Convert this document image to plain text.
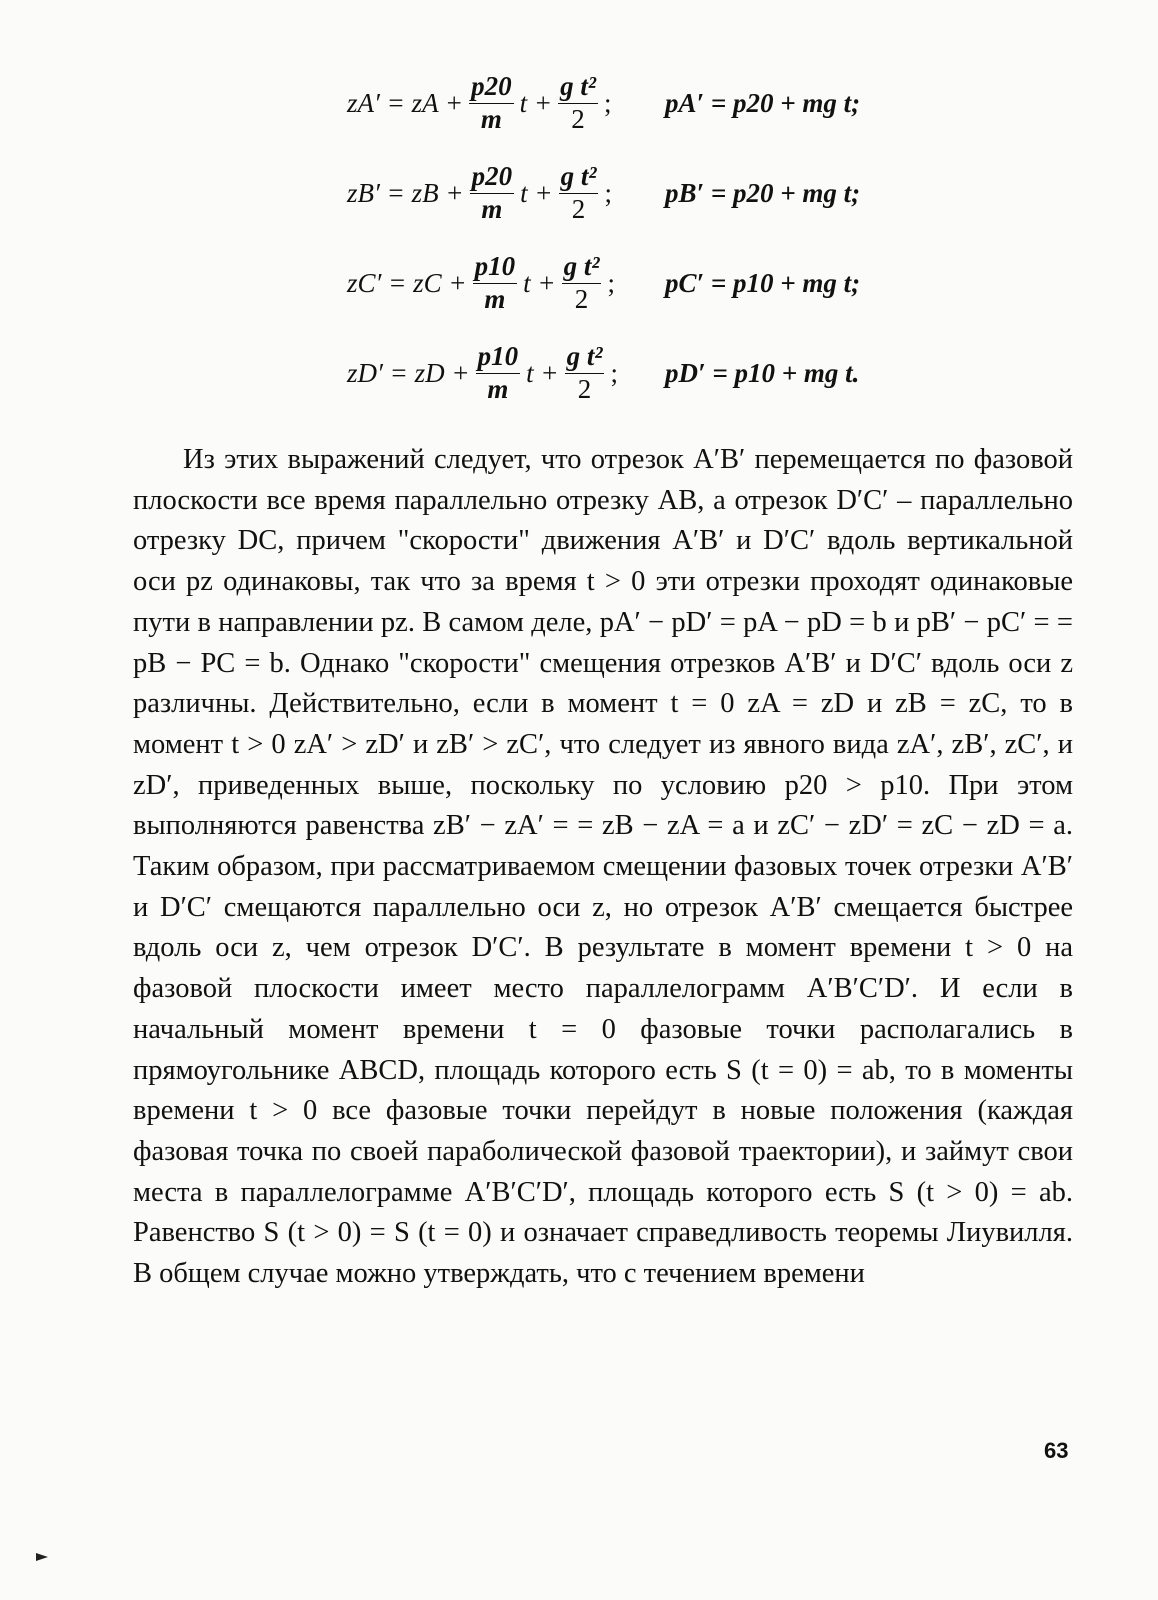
zA′ = zA + $\frac{p20}{m}$ $t + \frac{\text{g t²}}{2}$ ; pA′ = p20 + mg t;
zB′ = zB + $\frac{p20}{m}$ $t + \frac{\text{g t²}}{2}$ ; pB′ = p20 + mg t;
zC′ = zC + $\frac{p10}{m}$ $t + \frac{\text{g t²}}{2}$ ; pC′ = p10 + mg t;
zD′ = zD + $\frac{p10}{m}$ $t + \frac{\text{g t²}}{2}$ ; pD′ = p10 + mg t.

Из этих выражений следует, что отрезок A′B′ перемещается по фазовой плоскости все время параллельно отрезку AB, а отрезок D′C′ – параллельно отрезку DC, причем "скорости" движения A′B′ и D′C′ вдоль вертикальной оси pz одинаковы, так что за время t > 0 эти отрезки проходят одинаковые пути в направлении pz. В самом деле, pA′ − pD′ = pA − pD = b и pB′ − pC′ = = pB − PC = b. Однако "скорости" смещения отрезков A′B′ и D′C′ вдоль оси z различны. Действительно, если в момент t = 0 zA = zD и zB = zC, то в момент t > 0 zA′ > zD′ и zB′ > zC′, что следует из явного вида zA′, zB′, zC′, и zD′, приведенных выше, поскольку по условию p20 > p10. При этом выполняются равенства zB′ − zA′ = = zB − zA = a и zC′ − zD′ = zC − zD = a. Таким образом, при рассматриваемом смещении фазовых точек отрезки A′B′ и D′C′ смещаются параллельно оси z, но отрезок A′B′ смещается быстрее вдоль оси z, чем отрезок D′C′. В результате в момент времени t > 0 на фазовой плоскости имеет место параллелограмм A′B′C′D′. И если в начальный момент времени t = 0 фазовые точки располагались в прямоугольнике ABCD, площадь которого есть S (t = 0) = ab, то в моменты времени t > 0 все фазовые точки перейдут в новые положения (каждая фазовая точка по своей параболической фазовой траектории), и займут свои места в параллелограмме A′B′C′D′, площадь которого есть S (t > 0) = ab. Равенство S (t > 0) = S (t = 0) и означает справедливость теоремы Лиувилля. В общем случае можно утверждать, что с течением времени

63
